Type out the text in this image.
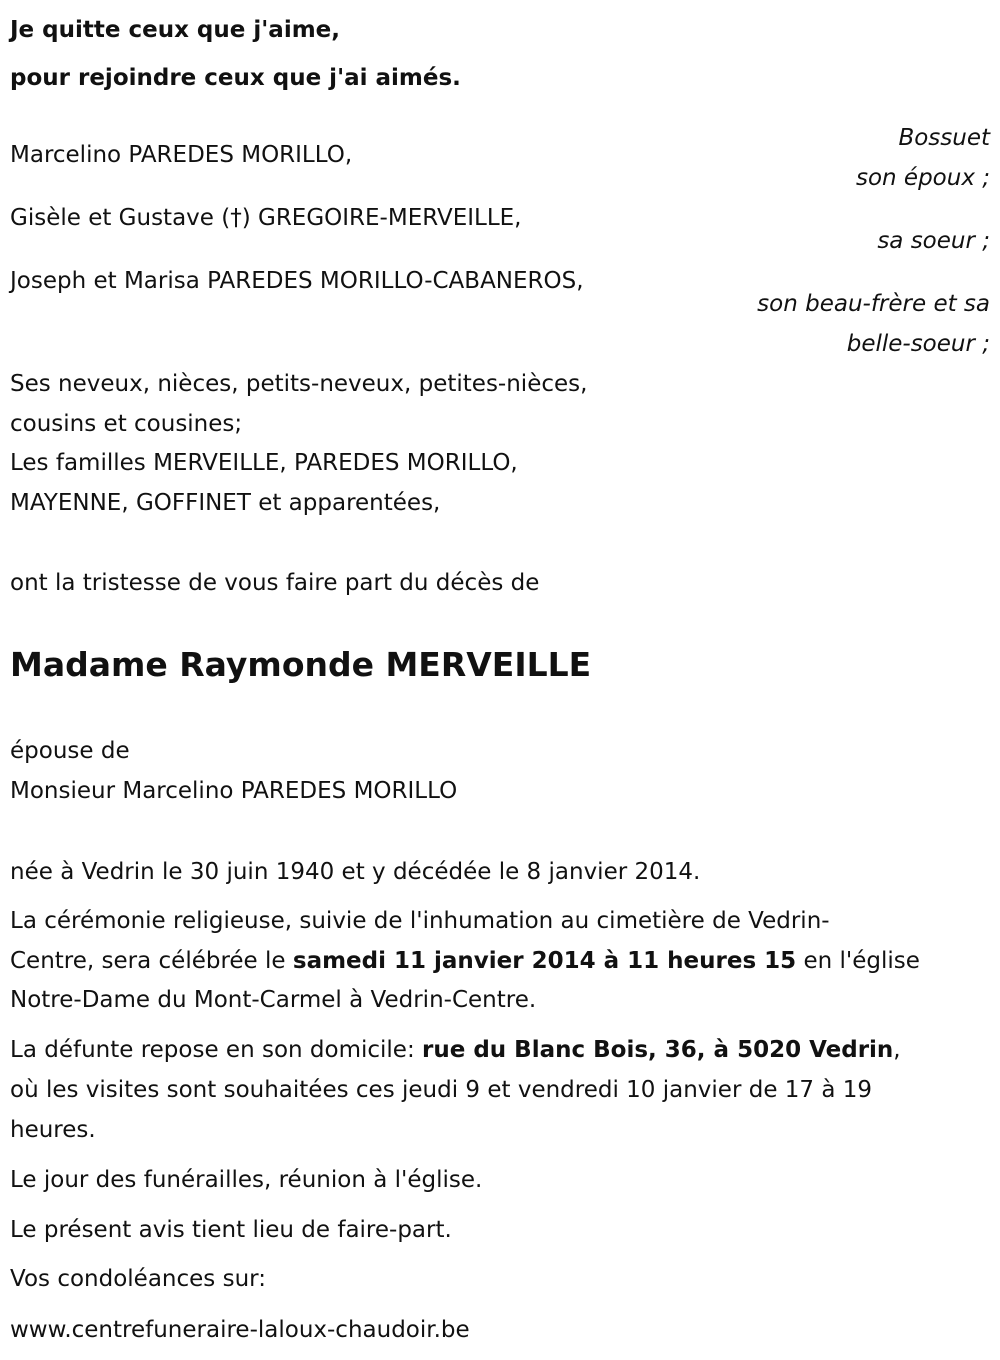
Je quitte ceux que j'aime,
pour rejoindre ceux que j'ai aimés.
Marcelino PAREDES MORILLO,
Bossuet
son époux ;
Gisèle et Gustave (†) GREGOIRE-MERVEILLE,
sa soeur ;
Joseph et Marisa PAREDES MORILLO-CABANEROS,
son beau-frère et sa
belle-soeur ;
Ses neveux, nièces, petits-neveux, petites-nièces,
cousins et cousines;
Les familles MERVEILLE, PAREDES MORILLO,
MAYENNE, GOFFINET et apparentées,
ont la tristesse de vous faire part du décès de
Madame Raymonde MERVEILLE
épouse de
Monsieur Marcelino PAREDES MORILLO
née à Vedrin le 30 juin 1940 et y décédée le 8 janvier 2014.
La cérémonie religieuse, suivie de l'inhumation au cimetière de Vedrin-
Centre, sera célébrée le samedi 11 janvier 2014 à 11 heures 15 en l'église
Notre-Dame du Mont-Carmel à Vedrin-Centre.
La défunte repose en son domicile: rue du Blanc Bois, 36, à 5020 Vedrin,
où les visites sont souhaitées ces jeudi 9 et vendredi 10 janvier de 17 à 19
heures.
Le jour des funérailles, réunion à l'église.
Le présent avis tient lieu de faire-part.
Vos condoléances sur:
www.centrefuneraire-laloux-chaudoir.be
